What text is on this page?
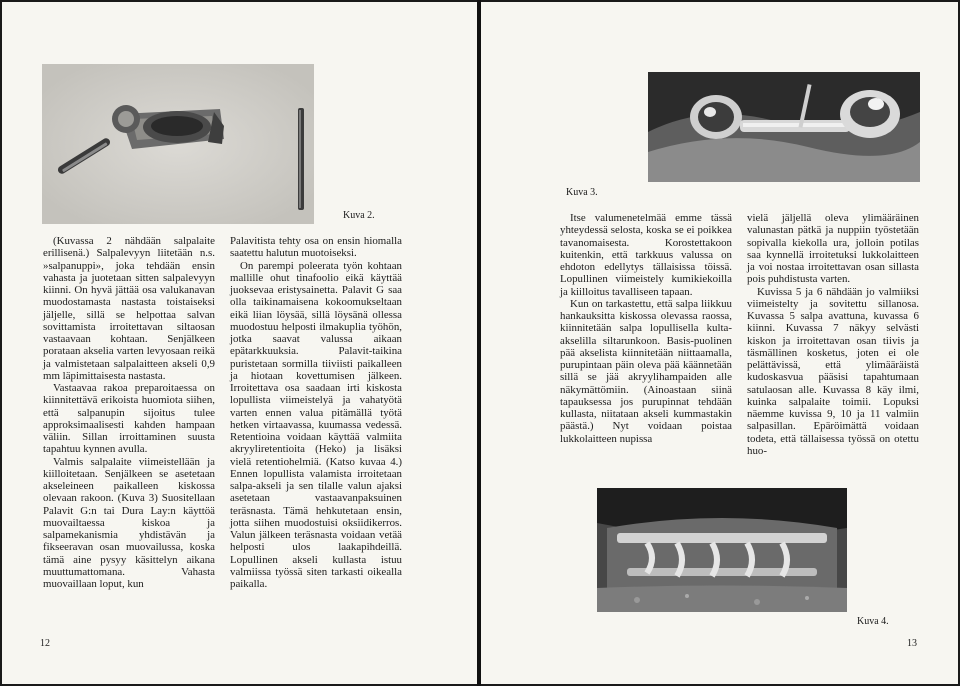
Kuva 2.

(Kuvassa 2 nähdään salpalaite erillisenä.) Salpalevyyn liitetään n.s. »salpanuppi», joka tehdään ensin vahasta ja juotetaan sitten salpalevyyn kiinni. On hyvä jättää osa valukanavan muodostamasta nastasta toistaiseksi jäljelle, sillä se helpottaa salvan sovittamista irroitettavan siltaosan vastaavaan kohtaan. Senjälkeen porataan akselia varten levyosaan reikä ja valmistetaan salpalaitteen akseli 0,9 mm läpimittaisesta nastasta.

Vastaavaa rakoa preparoitaessa on kiinnitettävä erikoista huomiota siihen, että salpanupin sijoitus tulee approksimaalisesti kahden hampaan väliin. Sillan irroittaminen suusta tapahtuu kynnen avulla.

Valmis salpalaite viimeistellään ja kiilloitetaan. Senjälkeen se asetetaan akseleineen paikalleen kiskossa olevaan rakoon. (Kuva 3) Suositellaan Palavit G:n tai Dura Lay:n käyttöä muovailtaessa kiskoa ja salpamekanismia yhdistävän ja fikseeravan osan muovailussa, koska tämä aine pysyy käsittelyn aikana muuttumattomana. Vahasta muovaillaan loput, kun

Palavitista tehty osa on ensin hiomalla saatettu halutun muotoiseksi.

On parempi poleerata työn kohtaan mallille ohut tinafoolio eikä käyttää juoksevaa eristysainetta. Palavit G saa olla taikinamaisena kokoomukseltaan eikä liian löysää, sillä löysänä ollessa muodostuu helposti ilmakuplia työhön, jotka saavat valussa aikaan epätarkkuuksia. Palavit-taikina puristetaan sormilla tiiviisti paikalleen ja hiotaan kovettumisen jälkeen. Irroitettava osa saadaan irti kiskosta lopullista viimeistelyä ja vahatyötä varten ennen valua pitämällä työtä hetken virtaavassa, kuumassa vedessä. Retentioina voidaan käyttää valmiita akryyliretentioita (Heko) ja lisäksi vielä retentiohelmiä. (Katso kuvaa 4.) Ennen lopullista valamista irroitetaan salpa-akseli ja sen tilalle valun ajaksi asetetaan vastaavanpaksuinen teräsnasta. Tämä hehkutetaan ensin, jotta siihen muodostuisi oksiidikerros. Valun jälkeen teräsnasta voidaan vetää helposti ulos laakapihdeillä. Lopullinen akseli kullasta istuu valmiissa työssä siten tarkasti oikealla paikalla.

12
Kuva 3.

Itse valumenetelmää emme tässä yhteydessä selosta, koska se ei poikkea tavanomaisesta. Korostettakoon kuitenkin, että tarkkuus valussa on ehdoton edellytys tällaisissa töissä. Lopullinen viimeistely kumikiekoilla ja kiilloitus tavalliseen tapaan.

Kun on tarkastettu, että salpa liikkuu hankauksitta kiskossa olevassa raossa, kiinnitetään salpa lopullisella kulta-akselilla siltarunkoon. Basis-puolinen pää akselista kiinnitetään niittaamalla, purupintaan päin oleva pää käännetään sillä se jää akryylihampaiden alle näkymättömiin. (Ainoastaan siinä tapauksessa jos purupinnat tehdään kullasta, niitataan akseli kummastakin päästä.) Nyt voidaan poistaa lukkolaitteen nupissa

vielä jäljellä oleva ylimääräinen valunastan pätkä ja nuppiin työstetään sopivalla kiekolla ura, jolloin potilas saa kynnellä irroitetuksi lukkolaitteen ja voi nostaa irroitettavan osan sillasta pois puhdistusta varten.

Kuvissa 5 ja 6 nähdään jo valmiiksi viimeistelty ja sovitettu sillanosa. Kuvassa 5 salpa avattuna, kuvassa 6 kiinni. Kuvassa 7 näkyy selvästi kiskon ja irroitettavan osan tiivis ja täsmällinen kosketus, joten ei ole pelättävissä, että ylimääräistä kudoskasvua pääsisi tapahtumaan satulaosan alle. Kuvassa 8 käy ilmi, kuinka salpalaite toimii. Lopuksi näemme kuvissa 9, 10 ja 11 valmiin salpasillan. Epäröimättä voidaan todeta, että tällaisessa työssä on otettu huo-

Kuva 4.
13
